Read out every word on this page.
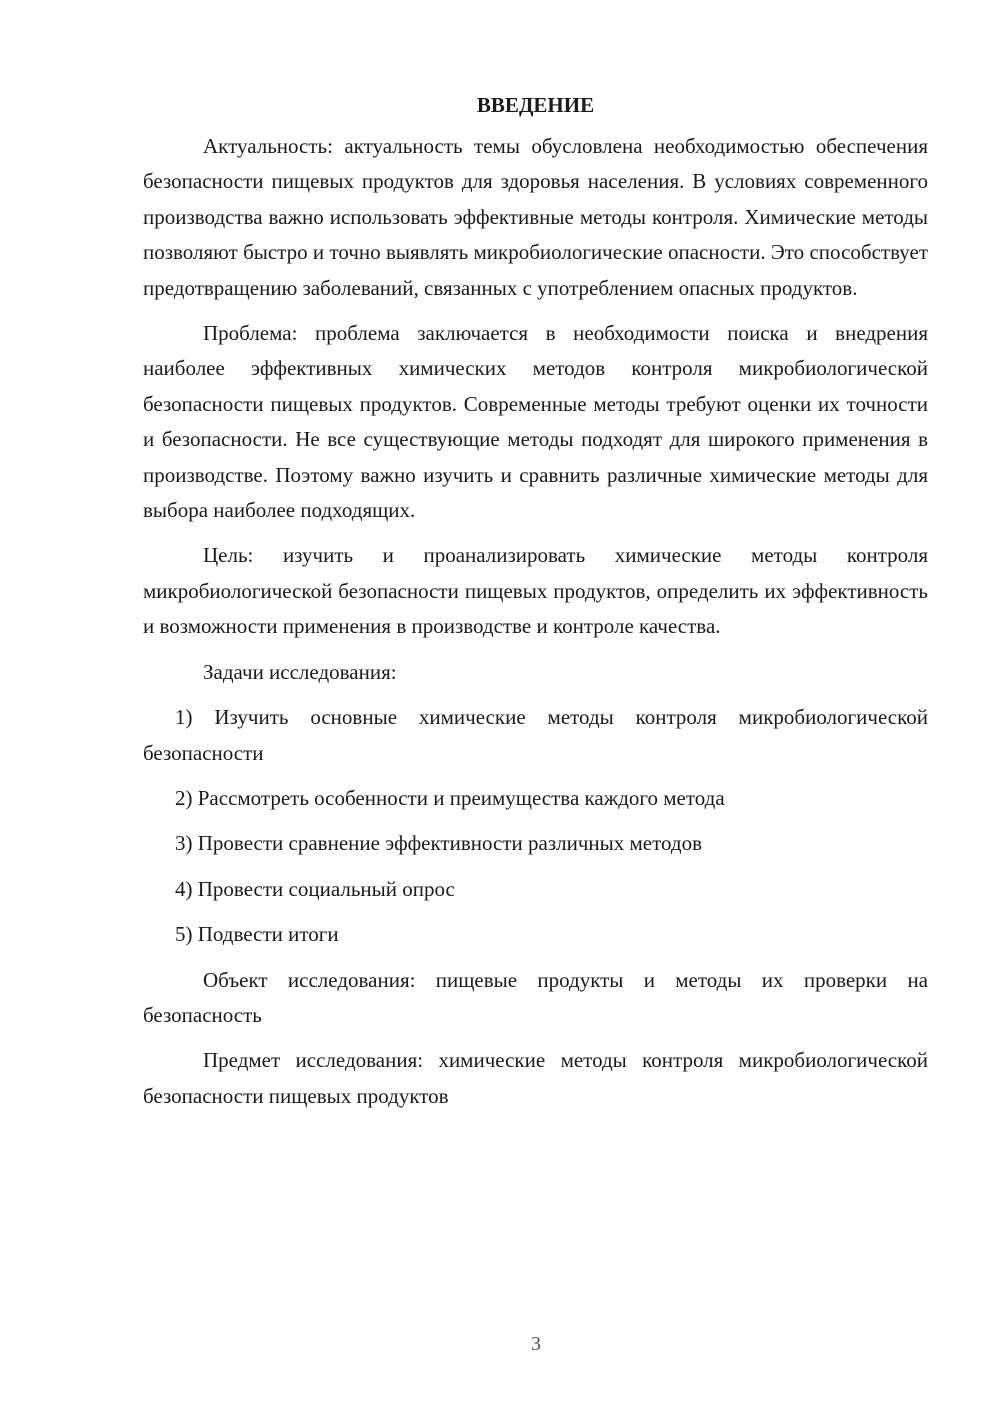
ВВЕДЕНИЕ

Актуальность: актуальность темы обусловлена необходимостью обеспечения безопасности пищевых продуктов для здоровья населения. В условиях современного производства важно использовать эффективные методы контроля. Химические методы позволяют быстро и точно выявлять микробиологические опасности. Это способствует предотвращению заболеваний, связанных с употреблением опасных продуктов.

Проблема: проблема заключается в необходимости поиска и внедрения наиболее эффективных химических методов контроля микробиологической безопасности пищевых продуктов. Современные методы требуют оценки их точности и безопасности. Не все существующие методы подходят для широкого применения в производстве. Поэтому важно изучить и сравнить различные химические методы для выбора наиболее подходящих.

Цель: изучить и проанализировать химические методы контроля микробиологической безопасности пищевых продуктов, определить их эффективность и возможности применения в производстве и контроле качества.

Задачи исследования:

1) Изучить основные химические методы контроля микробиологической безопасности

2) Рассмотреть особенности и преимущества каждого метода

3) Провести сравнение эффективности различных методов

4) Провести социальный опрос

5) Подвести итоги

Объект исследования: пищевые продукты и методы их проверки на безопасность

Предмет исследования: химические методы контроля микробиологической безопасности пищевых продуктов

3
